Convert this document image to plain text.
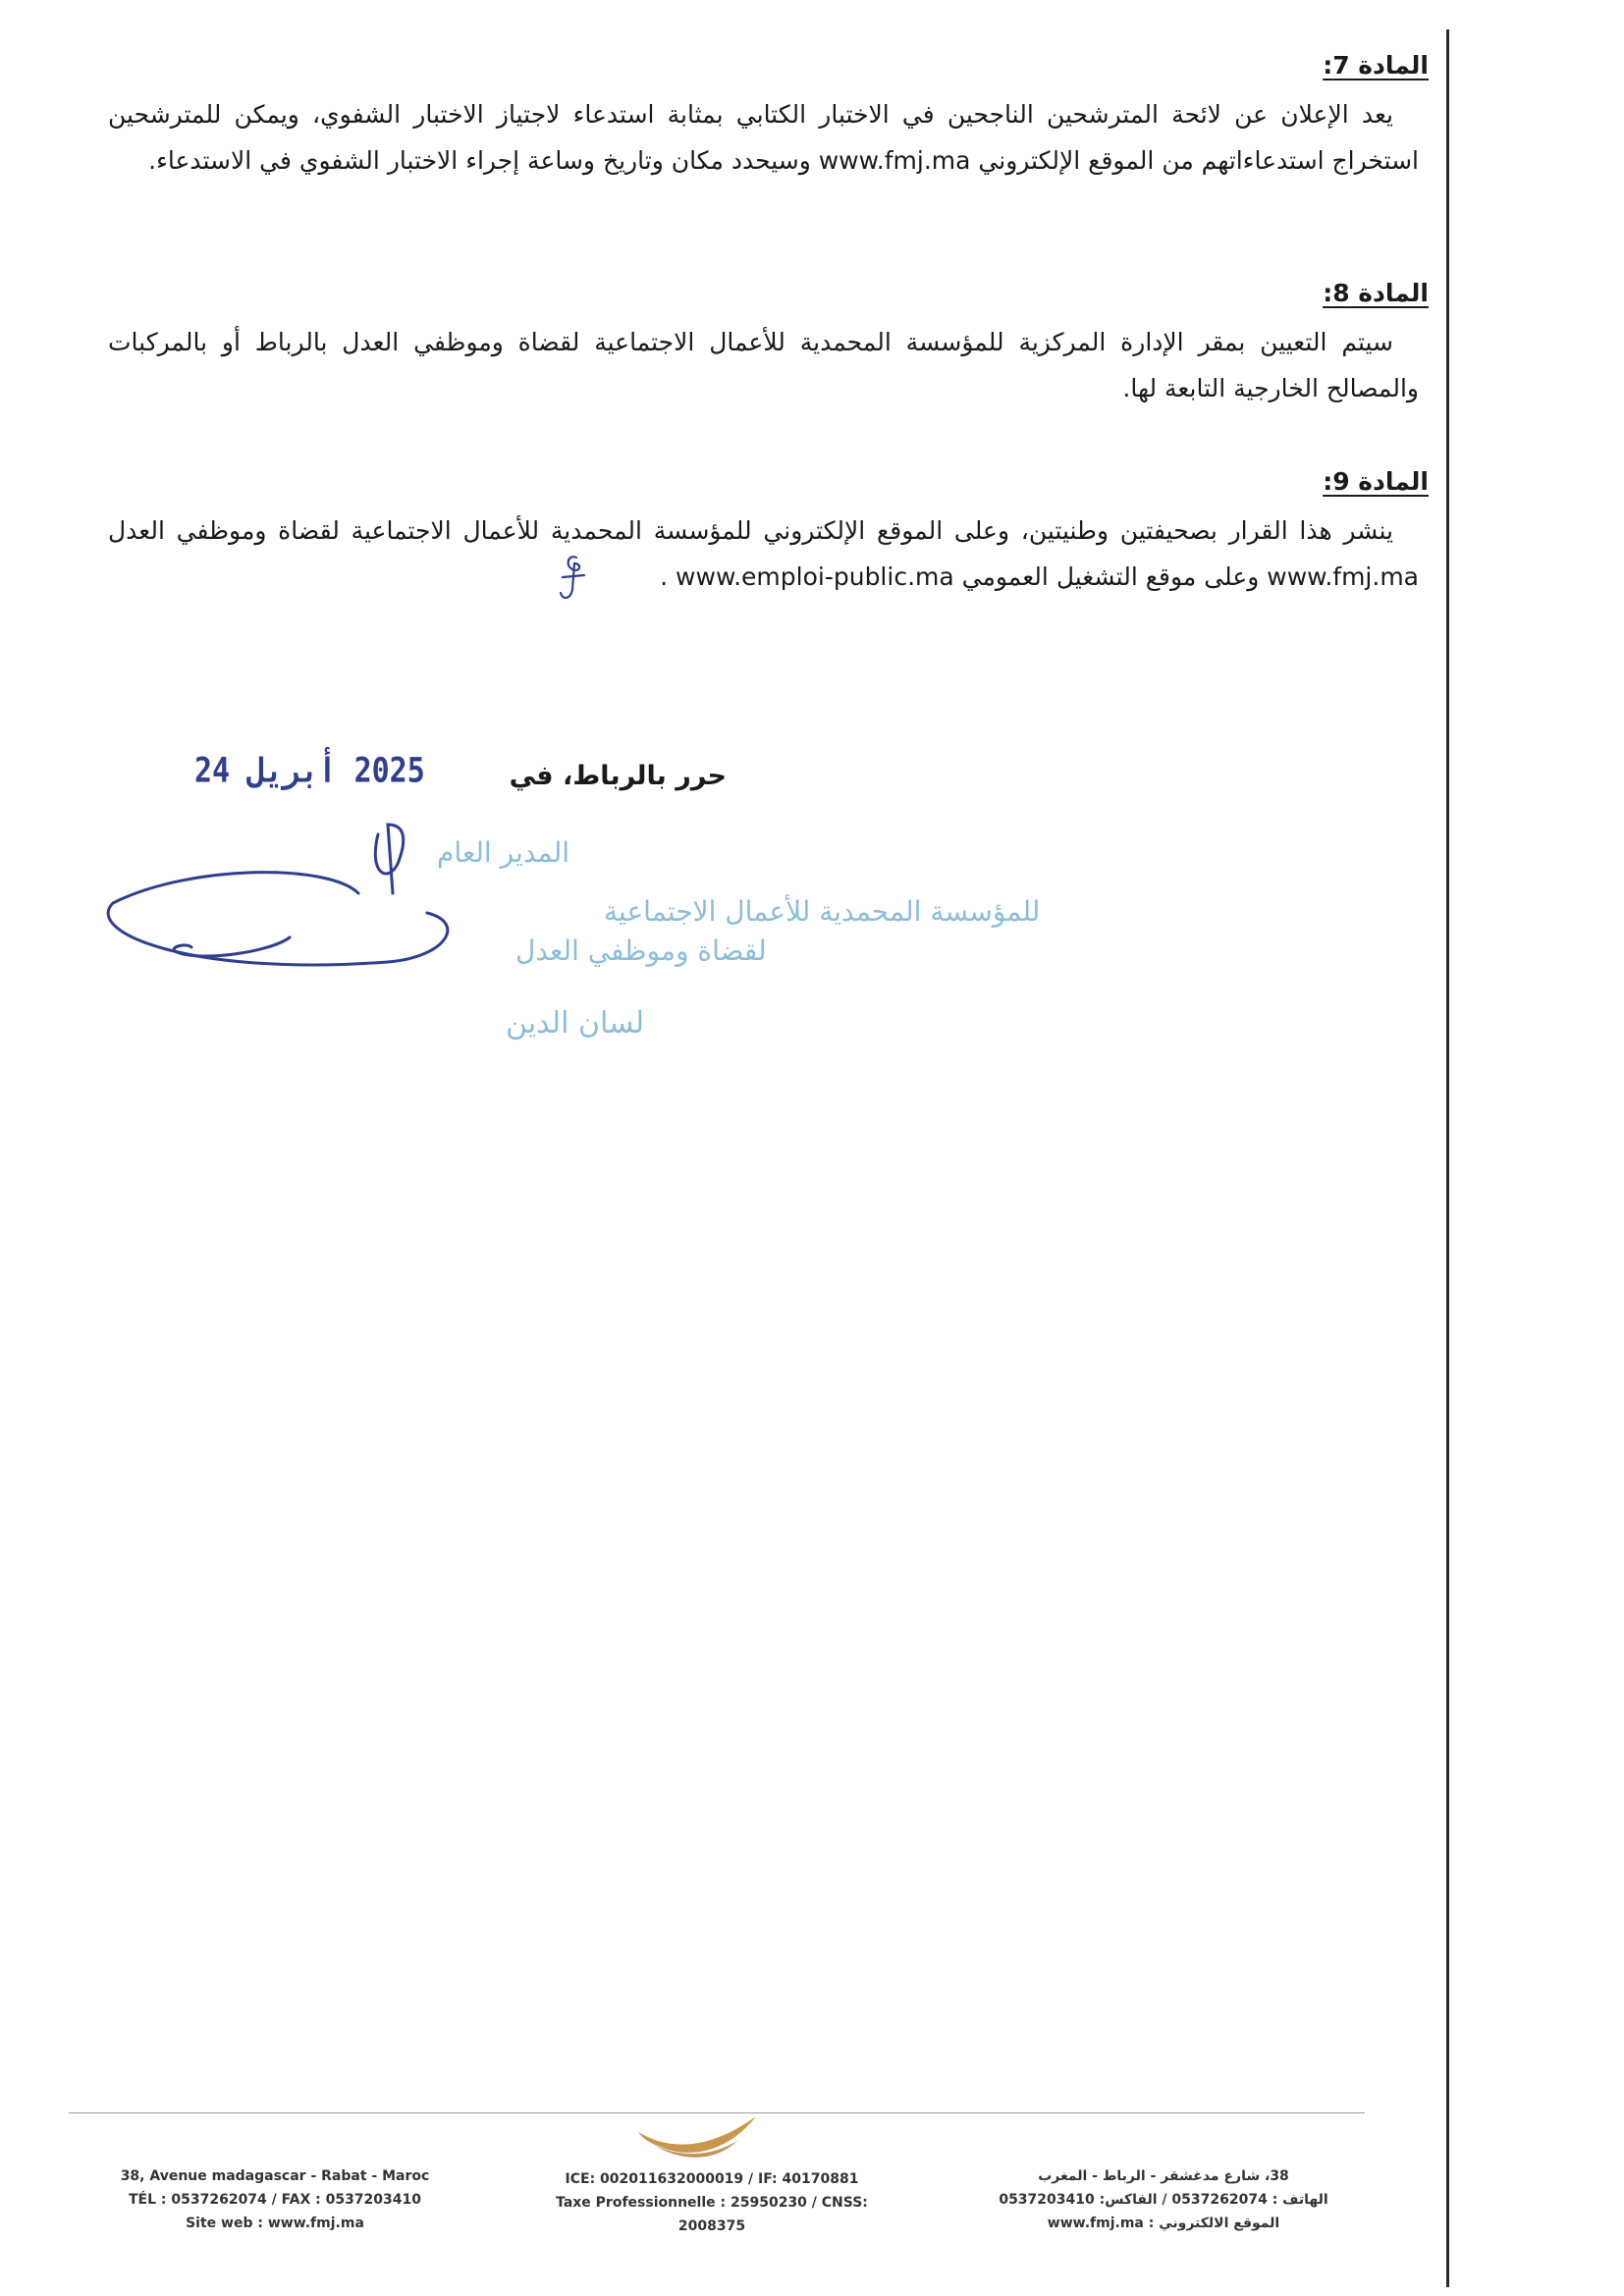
المادة 7:
يعد الإعلان عن لائحة المترشحين الناجحين في الاختبار الكتابي بمثابة استدعاء لاجتياز الاختبار الشفوي، ويمكن للمترشحين استخراج استدعاءاتهم من الموقع الإلكتروني www.fmj.ma وسيحدد مكان وتاريخ وساعة إجراء الاختبار الشفوي في الاستدعاء.
المادة 8:
سيتم التعيين بمقر الإدارة المركزية للمؤسسة المحمدية للأعمال الاجتماعية لقضاة وموظفي العدل بالرباط أو بالمركبات والمصالح الخارجية التابعة لها.
المادة 9:
ينشر هذا القرار بصحيفتين وطنيتين، وعلى الموقع الإلكتروني للمؤسسة المحمدية للأعمال الاجتماعية لقضاة وموظفي العدل www.fmj.ma وعلى موقع التشغيل العمومي www.emploi-public.ma .
حرر بالرباط، في
2025 أبريل 24
المدير العام
للمؤسسة المحمدية للأعمال الاجتماعية
لقضاة وموظفي العدل
لسان الدين
38, Avenue madagascar - Rabat - Maroc
TÉL : 0537262074 / FAX : 0537203410
Site web : www.fmj.ma
ICE: 002011632000019 / IF: 40170881
Taxe Professionnelle : 25950230 / CNSS: 2008375
38، شارع مدغشقر - الرباط - المغرب
الهاتف : 0537262074 / الفاكس: 0537203410
الموقع الالكتروني : www.fmj.ma
